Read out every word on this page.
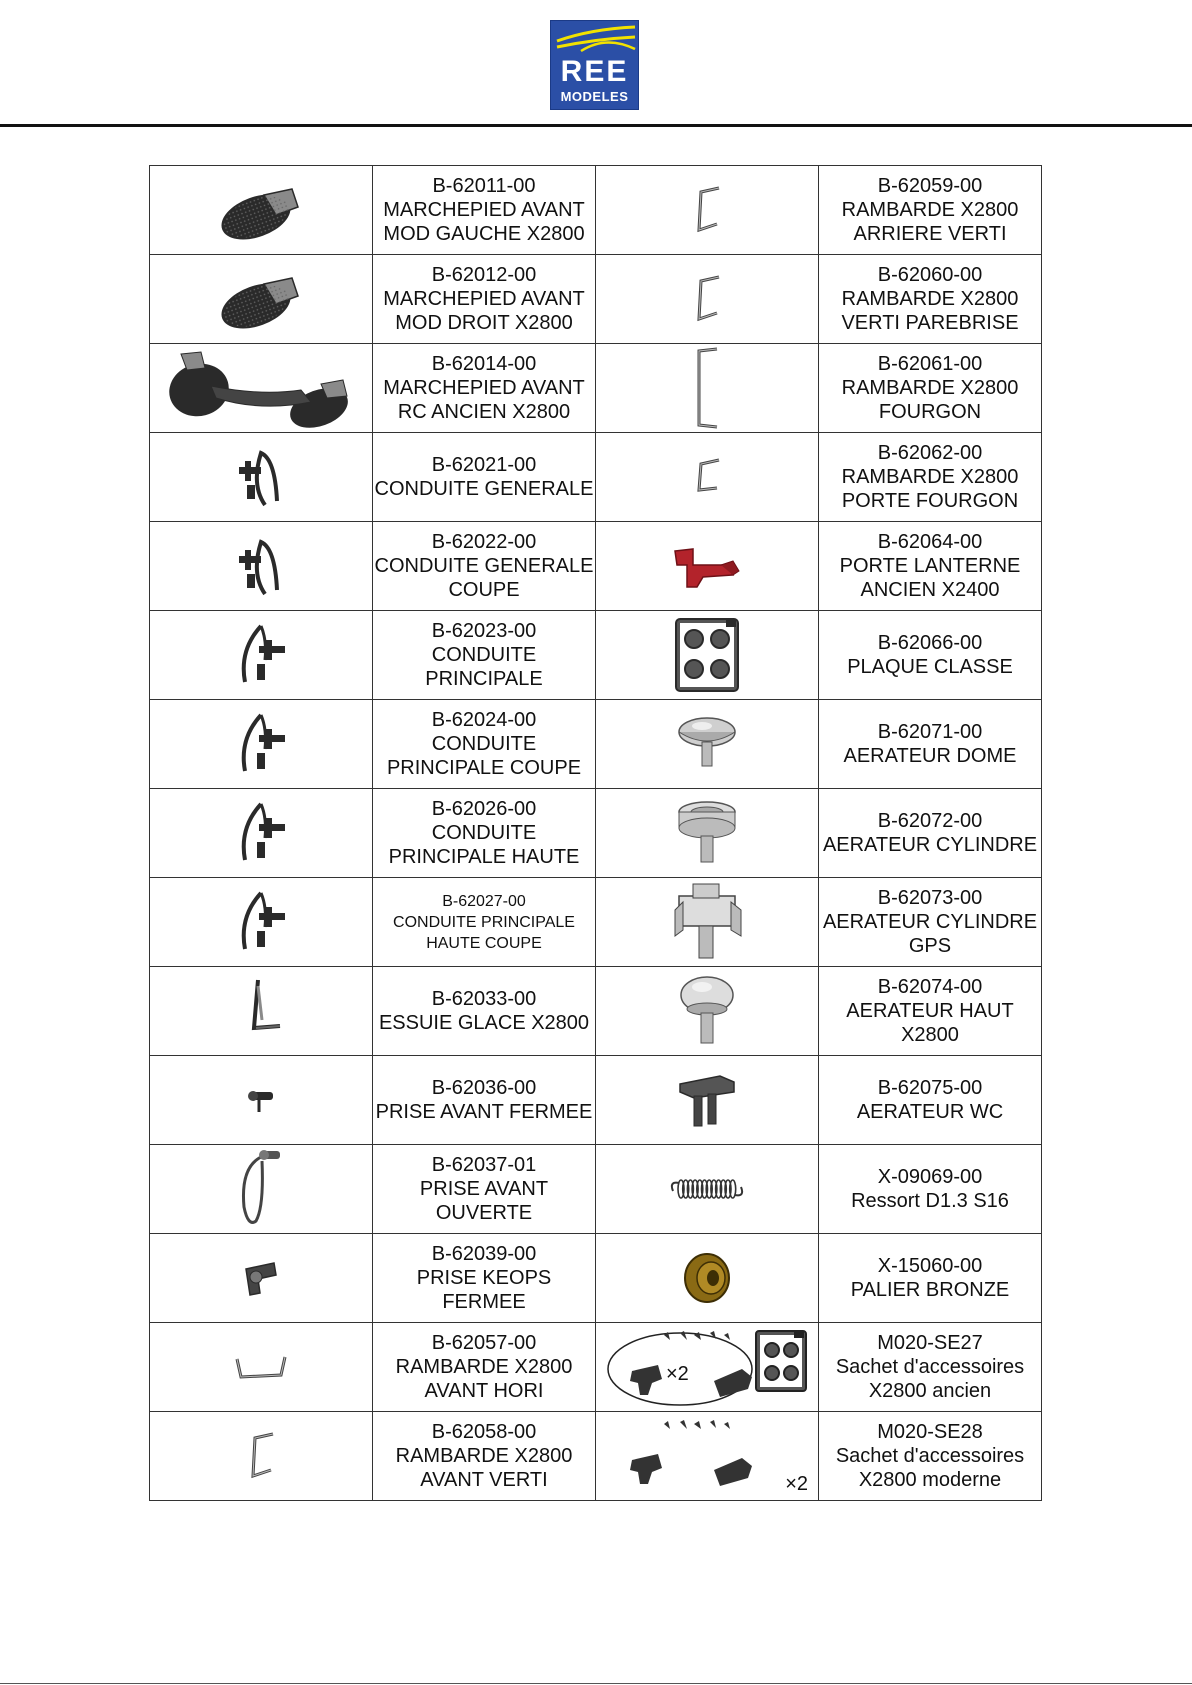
REE
MODELES

B-62011-00
MARCHEPIED AVANT
MOD GAUCHE X2800		B-62059-00
RAMBARDE X2800
ARRIERE VERTI

B-62012-00
MARCHEPIED AVANT
MOD DROIT X2800		B-62060-00
RAMBARDE X2800
VERTI PAREBRISE

B-62014-00
MARCHEPIED AVANT
RC ANCIEN X2800		B-62061-00
RAMBARDE X2800
FOURGON

B-62021-00
CONDUITE GENERALE		B-62062-00
RAMBARDE X2800
PORTE FOURGON

B-62022-00
CONDUITE GENERALE
COUPE		B-62064-00
PORTE LANTERNE
ANCIEN X2400

B-62023-00
CONDUITE
PRINCIPALE		B-62066-00
PLAQUE CLASSE

B-62024-00
CONDUITE
PRINCIPALE COUPE		B-62071-00
AERATEUR DOME

B-62026-00
CONDUITE
PRINCIPALE HAUTE		B-62072-00
AERATEUR CYLINDRE

B-62027-00
CONDUITE PRINCIPALE
HAUTE COUPE		B-62073-00
AERATEUR CYLINDRE
GPS

B-62033-00
ESSUIE GLACE X2800		B-62074-00
AERATEUR HAUT
X2800

B-62036-00
PRISE AVANT FERMEE		B-62075-00
AERATEUR WC

B-62037-01
PRISE AVANT
OUVERTE		X-09069-00
Ressort D1.3 S16

B-62039-00
PRISE KEOPS FERMEE		X-15060-00
PALIER BRONZE

B-62057-00
RAMBARDE X2800
AVANT HORI	×2	M020-SE27
Sachet d'accessoires
X2800 ancien

B-62058-00
RAMBARDE X2800
AVANT VERTI	×2	M020-SE28
Sachet d'accessoires
X2800 moderne
